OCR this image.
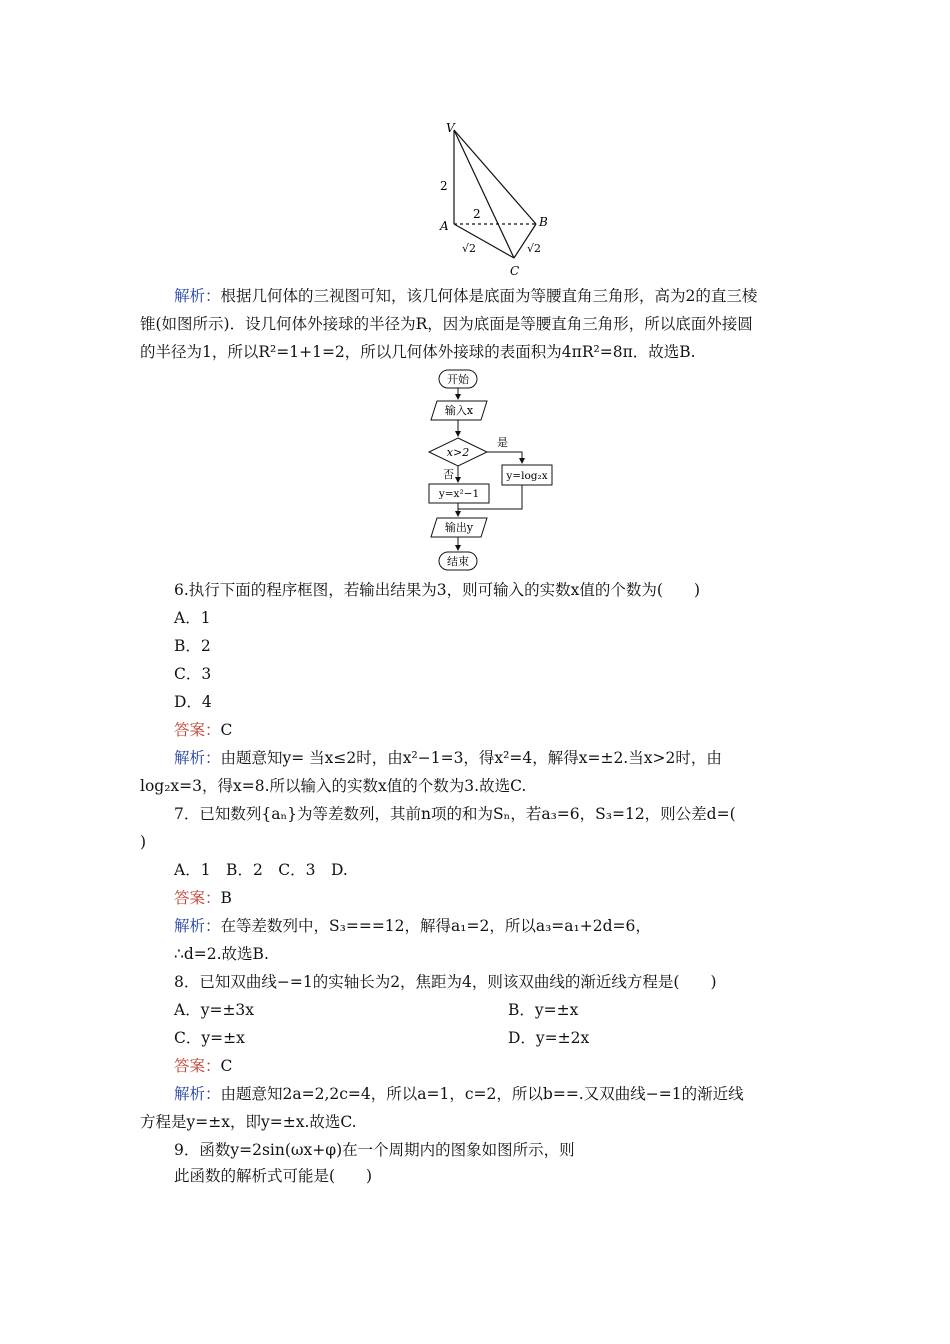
V
A	B
C
2
2
√2	√2
解析：根据几何体的三视图可知，该几何体是底面为等腰直角三角形，高为2的直三棱
锥(如图所示)．设几何体外接球的半径为R，因为底面是等腰直角三角形，所以底面外接圆
的半径为1，所以R²=1+1=2，所以几何体外接球的表面积为4πR²=8π．故选B.
开始
输入x
x>2
是
否	y=log₂x
y=x²−1
输出y
结束
6.执行下面的程序框图，若输出结果为3，则可输入的实数x值的个数为(　　)
A．1
B．2
C．3
D．4
答案：C
解析：由题意知y= 当x≤2时，由x²−1=3，得x²=4，解得x=±2.当x>2时，由
log₂x=3，得x=8.所以输入的实数x值的个数为3.故选C.
7．已知数列{aₙ}为等差数列，其前n项的和为Sₙ，若a₃=6，S₃=12，则公差d=(
)
A．1　B．2　C．3　D.
答案：B
解析：在等差数列中，S₃===12，解得a₁=2，所以a₃=a₁+2d=6，
∴d=2.故选B.
8．已知双曲线−=1的实轴长为2，焦距为4，则该双曲线的渐近线方程是(　　)
A．y=±3x	B．y=±x
C．y=±x	D．y=±2x
答案：C
解析：由题意知2a=2,2c=4，所以a=1，c=2，所以b==.又双曲线−=1的渐近线
方程是y=±x，即y=±x.故选C.
9．函数y=2sin(ωx+φ)在一个周期内的图象如图所示，则
此函数的解析式可能是(　　)
